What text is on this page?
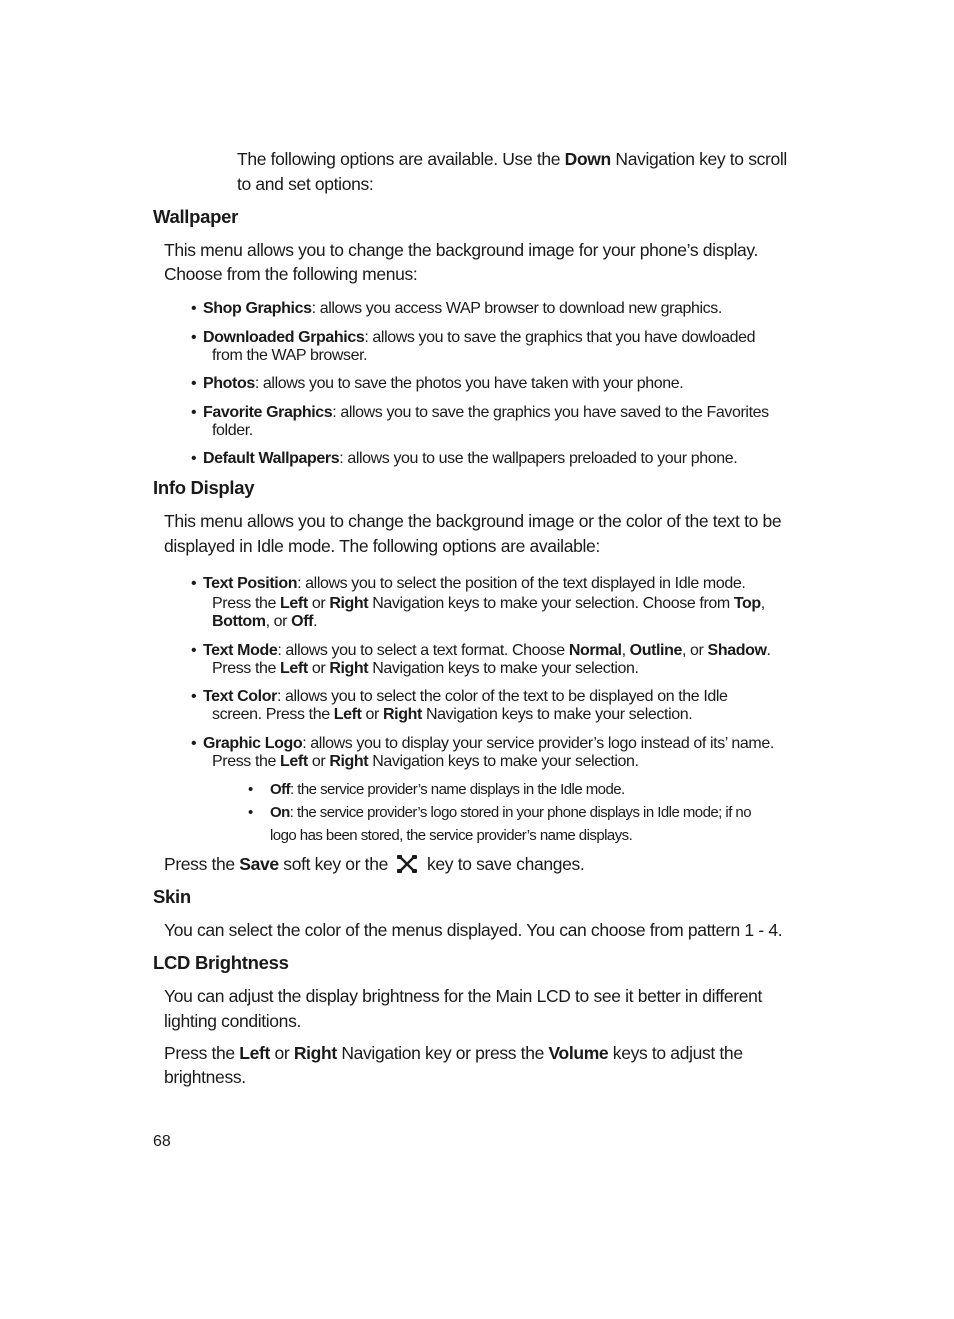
The following options are available. Use the Down Navigation key to scroll
to and set options:
Wallpaper
This menu allows you to change the background image for your phone’s display.
Choose from the following menus:
• Shop Graphics: allows you access WAP browser to download new graphics.
• Downloaded Grpahics: allows you to save the graphics that you have dowloaded
from the WAP browser.
• Photos: allows you to save the photos you have taken with your phone.
• Favorite Graphics: allows you to save the graphics you have saved to the Favorites
folder.
• Default Wallpapers: allows you to use the wallpapers preloaded to your phone.
Info Display
This menu allows you to change the background image or the color of the text to be
displayed in Idle mode. The following options are available:
• Text Position: allows you to select the position of the text displayed in Idle mode.
Press the Left or Right Navigation keys to make your selection. Choose from Top,
Bottom, or Off.
• Text Mode: allows you to select a text format. Choose Normal, Outline, or Shadow.
Press the Left or Right Navigation keys to make your selection.
• Text Color: allows you to select the color of the text to be displayed on the Idle
screen. Press the Left or Right Navigation keys to make your selection.
• Graphic Logo: allows you to display your service provider’s logo instead of its’ name.
Press the Left or Right Navigation keys to make your selection.
• Off: the service provider’s name displays in the Idle mode.
• On: the service provider’s logo stored in your phone displays in Idle mode; if no
logo has been stored, the service provider’s name displays.
Press the Save soft key or the  key to save changes.
Skin
You can select the color of the menus displayed. You can choose from pattern 1 - 4.
LCD Brightness
You can adjust the display brightness for the Main LCD to see it better in different
lighting conditions.
Press the Left or Right Navigation key or press the Volume keys to adjust the
brightness.
68
